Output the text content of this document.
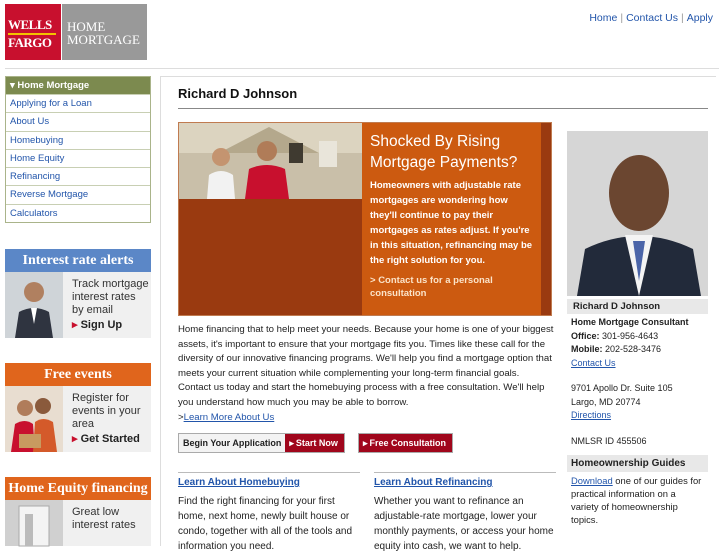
WELLS
FARGO
HOME
MORTGAGE
Home | Contact Us | Apply
▾ Home Mortgage
Applying for a Loan
About Us
Homebuying
Home Equity
Refinancing
Reverse Mortgage
Calculators
Interest rate alerts
Track mortgage interest rates by email
▸ Sign Up
Free events
Register for events in your area
▸ Get Started
Home Equity financing
Great low interest rates
Richard D Johnson
Shocked By Rising Mortgage Payments?
Homeowners with adjustable rate mortgages are wondering how they'll continue to pay their mortgages as rates adjust. If you're in this situation, refinancing may be the right solution for you.
> Contact us for a personal consultation
Home financing that to help meet your needs. Because your home is one of your biggest assets, it's important to ensure that your mortgage fits you. Times like these call for the diversity of our innovative financing programs. We'll help you find a mortgage option that meets your current situation while complementing your long-term financial goals. Contact us today and start the homebuying process with a free consultation. We'll help you understand how much you may be able to borrow.
>Learn More About Us
Begin Your Application	▸ Start Now	▸ Free Consultation
Learn About Homebuying
Find the right financing for your first home, next home, newly built house or condo, together with all of the tools and information you need.
Learn About Refinancing
Whether you want to refinance an adjustable-rate mortgage, lower your monthly payments, or access your home equity into cash, we want to help.
Richard D Johnson
Home Mortgage Consultant
Office: 301-956-4643
Mobile: 202-528-3476
Contact Us
9701 Apollo Dr. Suite 105
Largo, MD 20774
Directions
NMLSR ID 455506
Homeownership Guides
Download one of our guides for practical information on a variety of homeownership topics.
